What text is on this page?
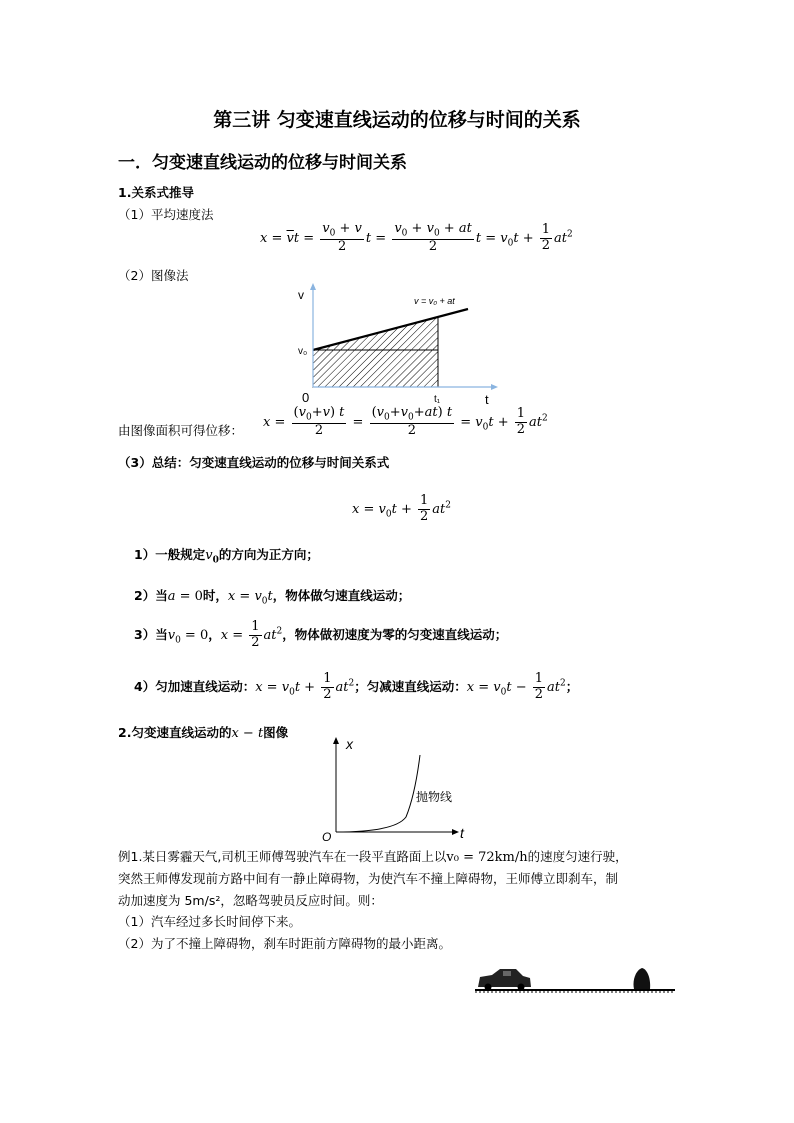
第三讲 匀变速直线运动的位移与时间的关系
一．匀变速直线运动的位移与时间关系
1.关系式推导
（1）平均速度法
$x = \overline{v}t = \frac{v_0 + v}{2}$ $t = \frac{v_0 + v_0 + at}{2}$ $t = v_0t + \frac{1}{2} at^2$
（2）图像法
v
t
0
v₀
t₁
v = v₀ + at
由图像面积可得位移：
$x = \frac{(v_0+v) t}{2} = \frac{(v_0+v_0+at) t}{2} = v_0t + \frac{1}{2} at^2$
（3）总结：匀变速直线运动的位移与时间关系式
$x = v_0t + \frac{1}{2} at^2$
1）一般规定$v_0$的方向为正方向；
2）当a = 0时，$x = v_0t$，物体做匀速直线运动；
3）当$v_0 = 0$，$x = \frac{1}{2} at^2$，物体做初速度为零的匀变速直线运动；
4）匀加速直线运动：$x = v_0t + \frac{1}{2} at^2$；匀减速直线运动：$x = v_0t - \frac{1}{2} at^2$；
2.匀变速直线运动的x − t图像
x
t
O
抛物线
例1.某日雾霾天气,司机王师傅驾驶汽车在一段平直路面上以v₀ = 72km/h的速度匀速行驶，
突然王师傅发现前方路中间有一静止障碍物，为使汽车不撞上障碍物，王师傅立即刹车，制
动加速度为 5m/s²，忽略驾驶员反应时间。则：
（1）汽车经过多长时间停下来。
（2）为了不撞上障碍物，刹车时距前方障碍物的最小距离。
